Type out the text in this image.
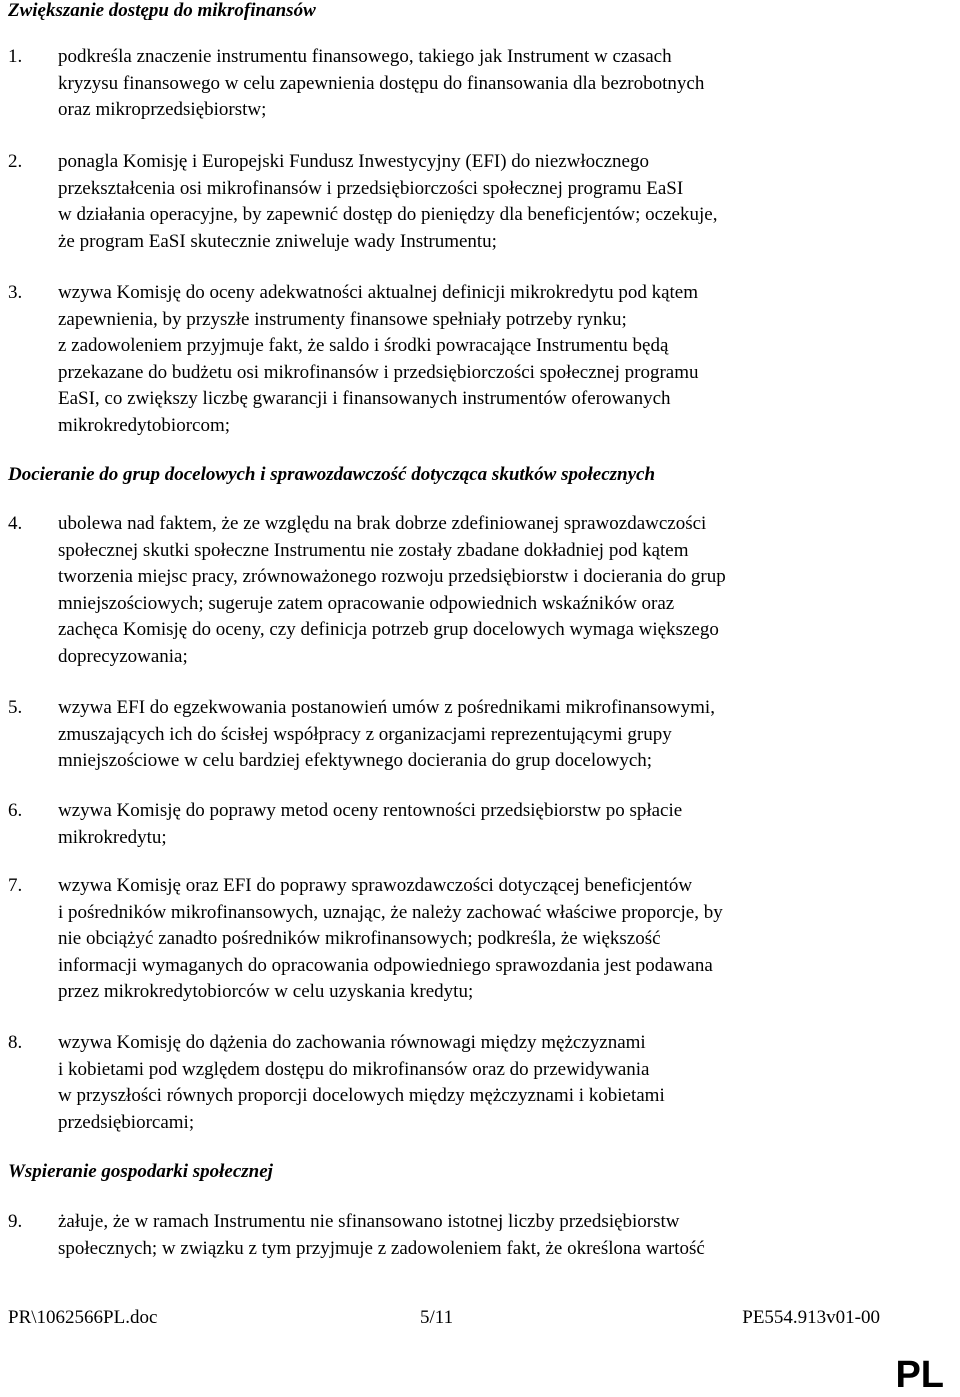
Zwiększanie dostępu do mikrofinansów
1. podkreśla znaczenie instrumentu finansowego, takiego jak Instrument w czasach
kryzysu finansowego w celu zapewnienia dostępu do finansowania dla bezrobotnych
oraz mikroprzedsiębiorstw;

2. ponagla Komisję i Europejski Fundusz Inwestycyjny (EFI) do niezwłocznego
przekształcenia osi mikrofinansów i przedsiębiorczości społecznej programu EaSI
w działania operacyjne, by zapewnić dostęp do pieniędzy dla beneficjentów; oczekuje,
że program EaSI skutecznie zniweluje wady Instrumentu;

3. wzywa Komisję do oceny adekwatności aktualnej definicji mikrokredytu pod kątem
zapewnienia, by przyszłe instrumenty finansowe spełniały potrzeby rynku;
z zadowoleniem przyjmuje fakt, że saldo i środki powracające Instrumentu będą
przekazane do budżetu osi mikrofinansów i przedsiębiorczości społecznej programu
EaSI, co zwiększy liczbę gwarancji i finansowanych instrumentów oferowanych
mikrokredytobiorcom;

Docieranie do grup docelowych i sprawozdawczość dotycząca skutków społecznych
4. ubolewa nad faktem, że ze względu na brak dobrze zdefiniowanej sprawozdawczości
społecznej skutki społeczne Instrumentu nie zostały zbadane dokładniej pod kątem
tworzenia miejsc pracy, zrównoważonego rozwoju przedsiębiorstw i docierania do grup
mniejszościowych; sugeruje zatem opracowanie odpowiednich wskaźników oraz
zachęca Komisję do oceny, czy definicja potrzeb grup docelowych wymaga większego
doprecyzowania;

5. wzywa EFI do egzekwowania postanowień umów z pośrednikami mikrofinansowymi,
zmuszających ich do ścisłej współpracy z organizacjami reprezentującymi grupy
mniejszościowe w celu bardziej efektywnego docierania do grup docelowych;

6. wzywa Komisję do poprawy metod oceny rentowności przedsiębiorstw po spłacie
mikrokredytu;

7. wzywa Komisję oraz EFI do poprawy sprawozdawczości dotyczącej beneficjentów
i pośredników mikrofinansowych, uznając, że należy zachować właściwe proporcje, by
nie obciążyć zanadto pośredników mikrofinansowych; podkreśla, że większość
informacji wymaganych do opracowania odpowiedniego sprawozdania jest podawana
przez mikrokredytobiorców w celu uzyskania kredytu;

8. wzywa Komisję do dążenia do zachowania równowagi między mężczyznami
i kobietami pod względem dostępu do mikrofinansów oraz do przewidywania
w przyszłości równych proporcji docelowych między mężczyznami i kobietami
przedsiębiorcami;

Wspieranie gospodarki społecznej
9. żałuje, że w ramach Instrumentu nie sfinansowano istotnej liczby przedsiębiorstw
społecznych; w związku z tym przyjmuje z zadowoleniem fakt, że określona wartość

PR\1062566PL.doc	5/11	PE554.913v01-00
PL
